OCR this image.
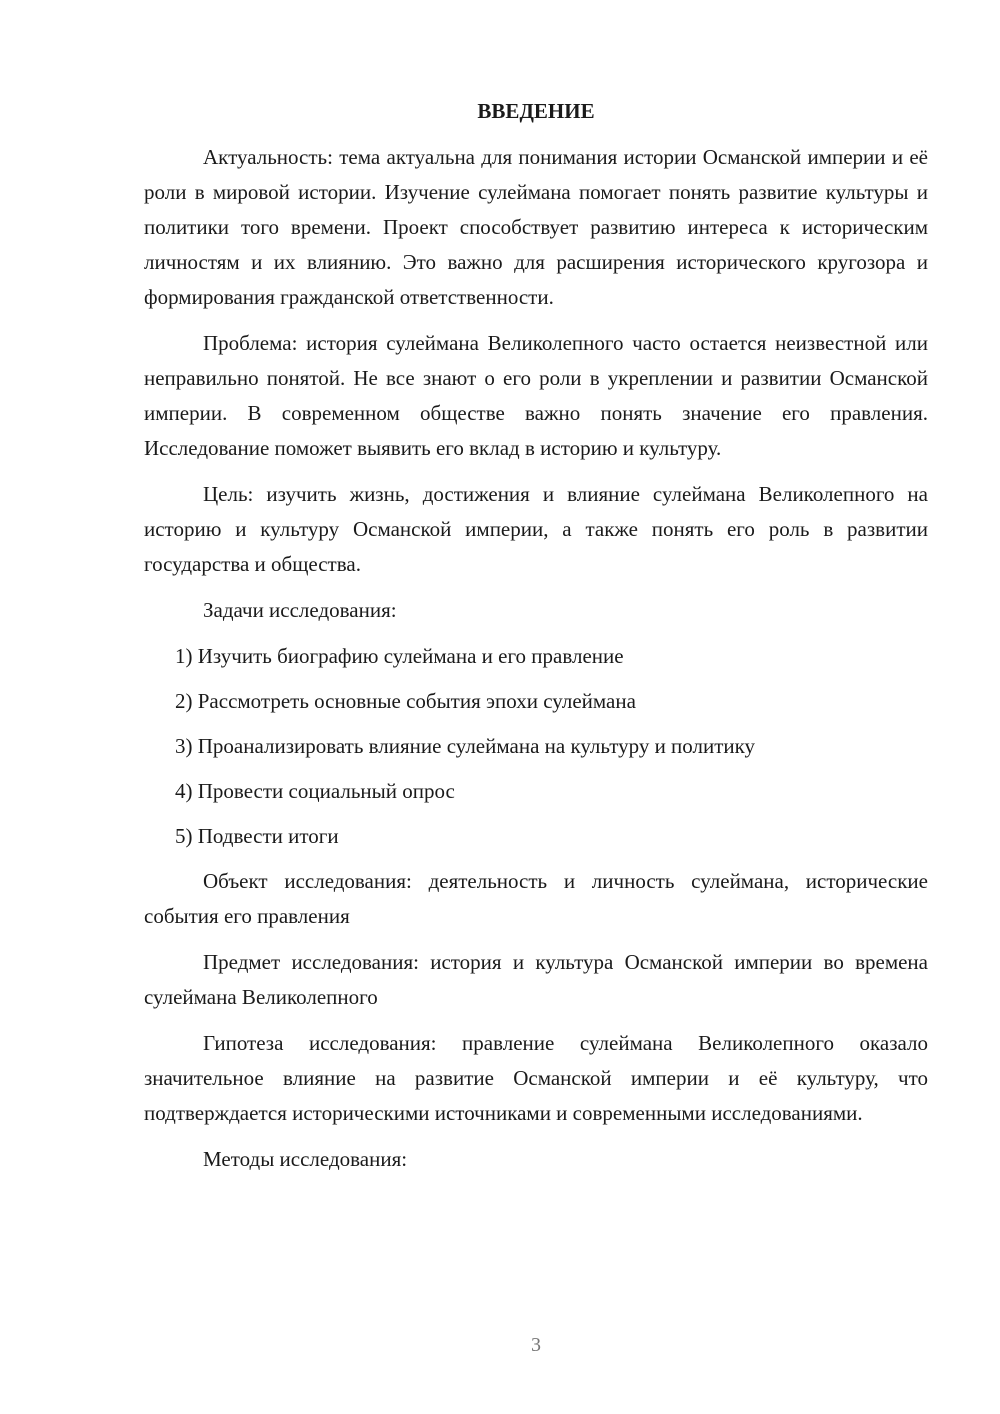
ВВЕДЕНИЕ

Актуальность: тема актуальна для понимания истории Османской империи и её роли в мировой истории. Изучение сулеймана помогает понять развитие культуры и политики того времени. Проект способствует развитию интереса к историческим личностям и их влиянию. Это важно для расширения исторического кругозора и формирования гражданской ответственности.

Проблема: история сулеймана Великолепного часто остается неизвестной или неправильно понятой. Не все знают о его роли в укреплении и развитии Османской империи. В современном обществе важно понять значение его правления. Исследование поможет выявить его вклад в историю и культуру.

Цель: изучить жизнь, достижения и влияние сулеймана Великолепного на историю и культуру Османской империи, а также понять его роль в развитии государства и общества.

Задачи исследования:

1) Изучить биографию сулеймана и его правление
2) Рассмотреть основные события эпохи сулеймана
3) Проанализировать влияние сулеймана на культуру и политику
4) Провести социальный опрос
5) Подвести итоги

Объект исследования: деятельность и личность сулеймана, исторические события его правления

Предмет исследования: история и культура Османской империи во времена сулеймана Великолепного

Гипотеза исследования: правление сулеймана Великолепного оказало значительное влияние на развитие Османской империи и её культуру, что подтверждается историческими источниками и современными исследованиями.

Методы исследования:

3
